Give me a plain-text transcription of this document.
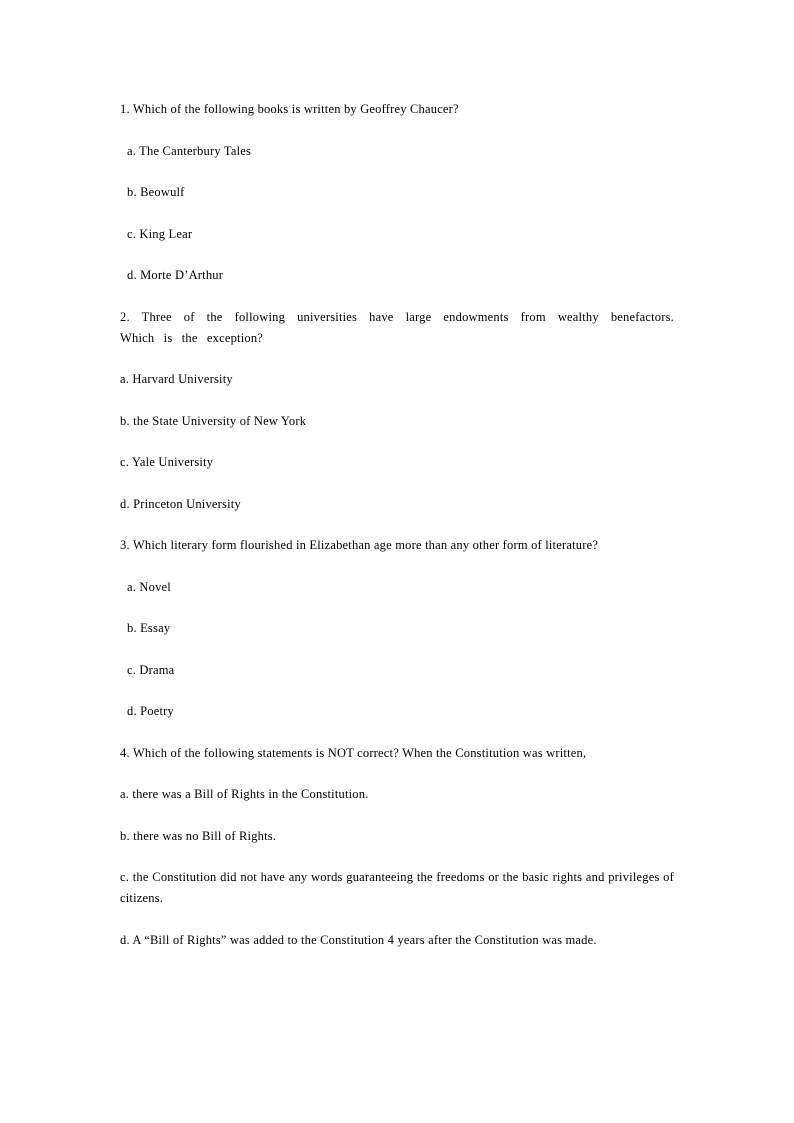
1. Which of the following books is written by Geoffrey Chaucer?

a. The Canterbury Tales

b. Beowulf

c. King Lear

d. Morte D’Arthur

2. Three of the following universities have large endowments from wealthy benefactors. Which is the exception?

a. Harvard University

b. the State University of New York

c. Yale University

d. Princeton University

3. Which literary form flourished in Elizabethan age more than any other form of literature?

a. Novel

b. Essay

c. Drama

d. Poetry

4. Which of the following statements is NOT correct? When the Constitution was written,

a. there was a Bill of Rights in the Constitution.

b. there was no Bill of Rights.

c. the Constitution did not have any words guaranteeing the freedoms or the basic rights and privileges of citizens.

d. A “Bill of Rights” was added to the Constitution 4 years after the Constitution was made.
